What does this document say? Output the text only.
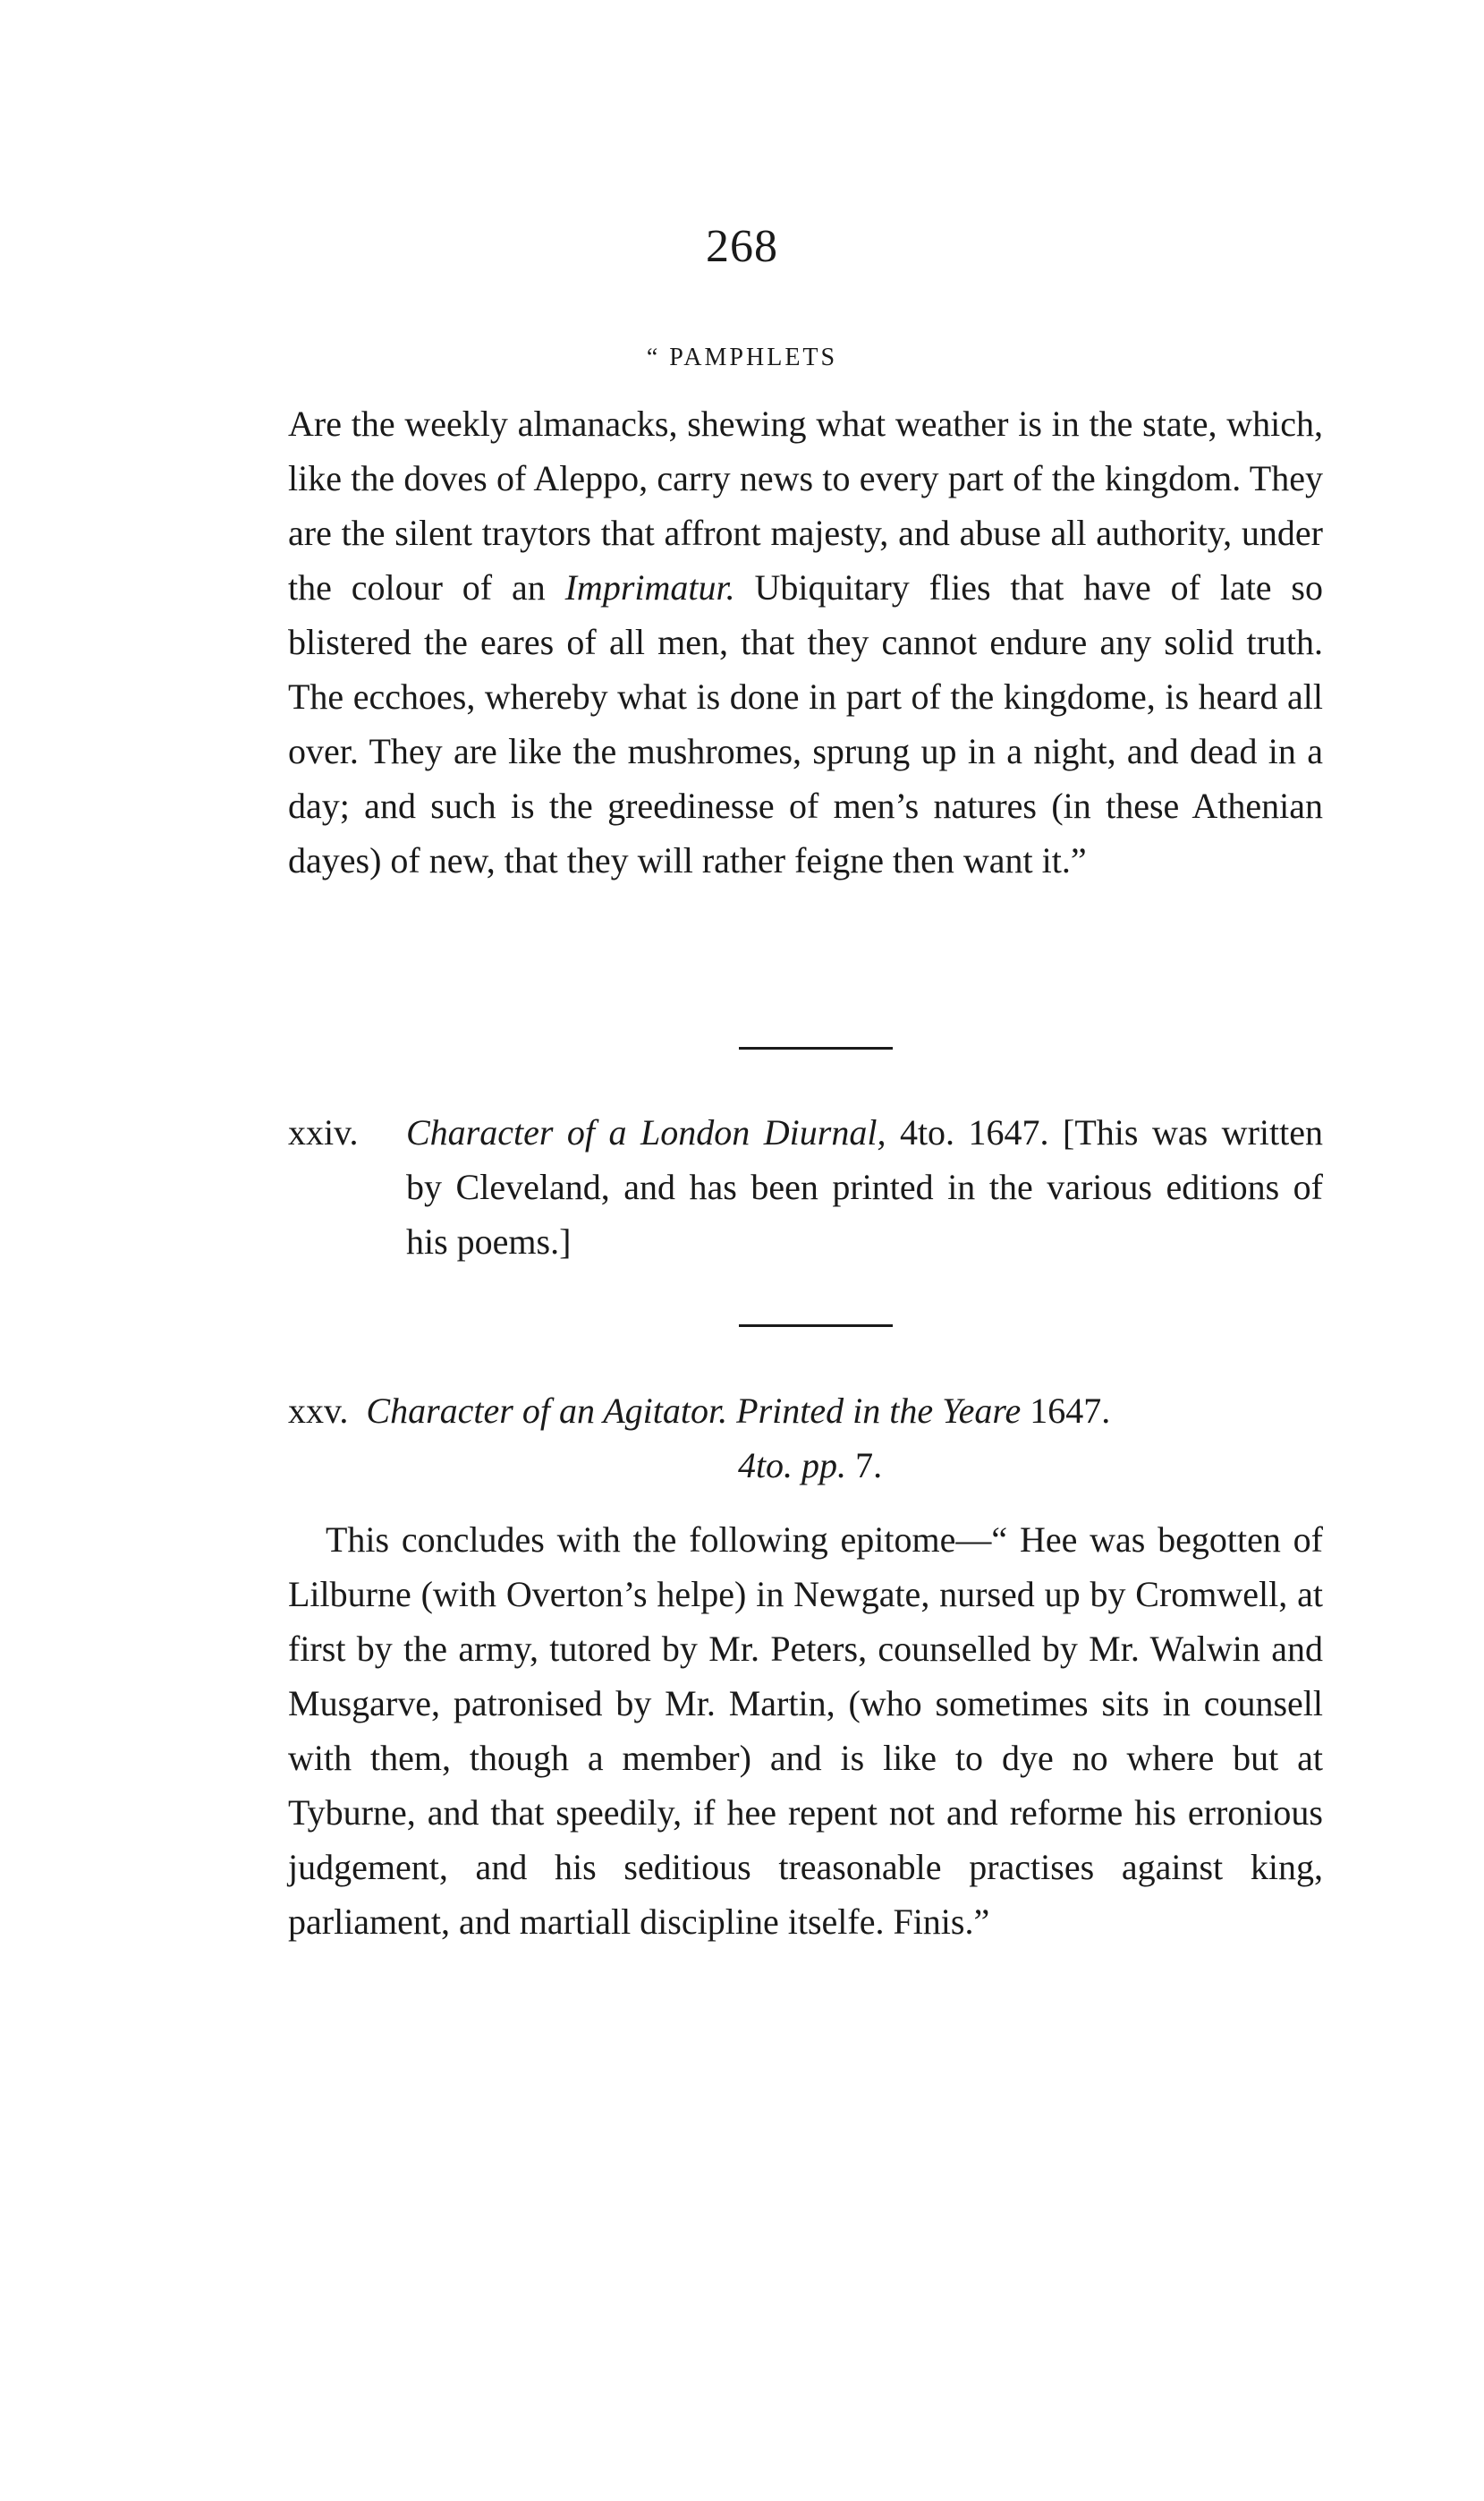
268
“ PAMPHLETS

Are the weekly almanacks, shewing what weather is in the state, which, like the doves of Aleppo, carry news to every part of the kingdom. They are the silent traytors that affront majesty, and abuse all authority, under the colour of an Imprimatur. Ubiquitary flies that have of late so blistered the eares of all men, that they cannot endure any solid truth. The ecchoes, whereby what is done in part of the kingdome, is heard all over. They are like the mushromes, sprung up in a night, and dead in a day; and such is the greedinesse of men’s natures (in these Athenian dayes) of new, that they will rather feigne then want it.”

xxiv. Character of a London Diurnal, 4to. 1647. [This was written by Cleveland, and has been printed in the various editions of his poems.]
xxv. Character of an Agitator. Printed in the Yeare 1647.
4to. pp. 7.

This concludes with the following epitome—“ Hee was begotten of Lilburne (with Overton’s helpe) in Newgate, nursed up by Cromwell, at first by the army, tutored by Mr. Peters, counselled by Mr. Walwin and Musgarve, patronised by Mr. Martin, (who sometimes sits in counsell with them, though a member) and is like to dye no where but at Tyburne, and that speedily, if hee repent not and reforme his erronious judgement, and his seditious treasonable practises against king, parliament, and martiall discipline itselfe. Finis.”
